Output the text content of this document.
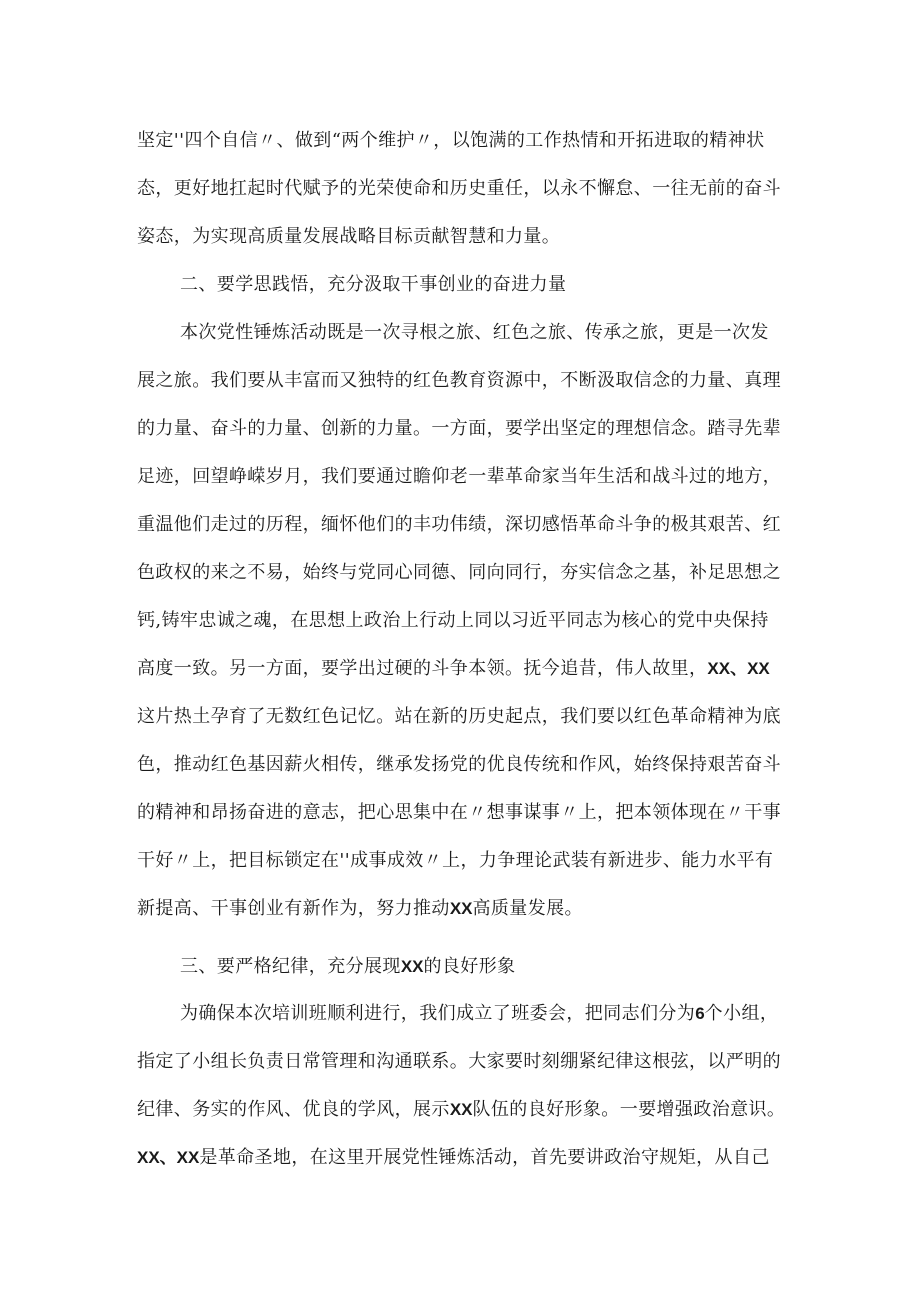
坚定''四个自信〃、做到“两个维护〃，以饱满的工作热情和开拓进取的精神状

态，更好地扛起时代赋予的光荣使命和历史重任，以永不懈怠、一往无前的奋斗

姿态，为实现高质量发展战略目标贡献智慧和力量。

二、要学思践悟，充分汲取干事创业的奋进力量

本次党性锤炼活动既是一次寻根之旅、红色之旅、传承之旅，更是一次发

展之旅。我们要从丰富而又独特的红色教育资源中，不断汲取信念的力量、真理

的力量、奋斗的力量、创新的力量。一方面，要学出坚定的理想信念。踏寻先辈

足迹，回望峥嵘岁月，我们要通过瞻仰老一辈革命家当年生活和战斗过的地方，

重温他们走过的历程，缅怀他们的丰功伟绩，深切感悟革命斗争的极其艰苦、红

色政权的来之不易，始终与党同心同德、同向同行，夯实信念之基，补足思想之

钙,铸牢忠诚之魂，在思想上政治上行动上同以习近平同志为核心的党中央保持

高度一致。另一方面，要学出过硬的斗争本领。抚今追昔，伟人故里，XX、XX

这片热土孕育了无数红色记忆。站在新的历史起点，我们要以红色革命精神为底

色，推动红色基因薪火相传，继承发扬党的优良传统和作风，始终保持艰苦奋斗

的精神和昂扬奋进的意志，把心思集中在〃想事谋事〃上，把本领体现在〃干事

干好〃上，把目标锁定在''成事成效〃上，力争理论武装有新进步、能力水平有

新提高、干事创业有新作为，努力推动XX高质量发展。

三、要严格纪律，充分展现XX的良好形象

为确保本次培训班顺利进行，我们成立了班委会，把同志们分为6个小组，

指定了小组长负责日常管理和沟通联系。大家要时刻绷紧纪律这根弦，以严明的

纪律、务实的作风、优良的学风，展示XX队伍的良好形象。一要增强政治意识。

XX、XX是革命圣地，在这里开展党性锤炼活动，首先要讲政治守规矩，从自己
